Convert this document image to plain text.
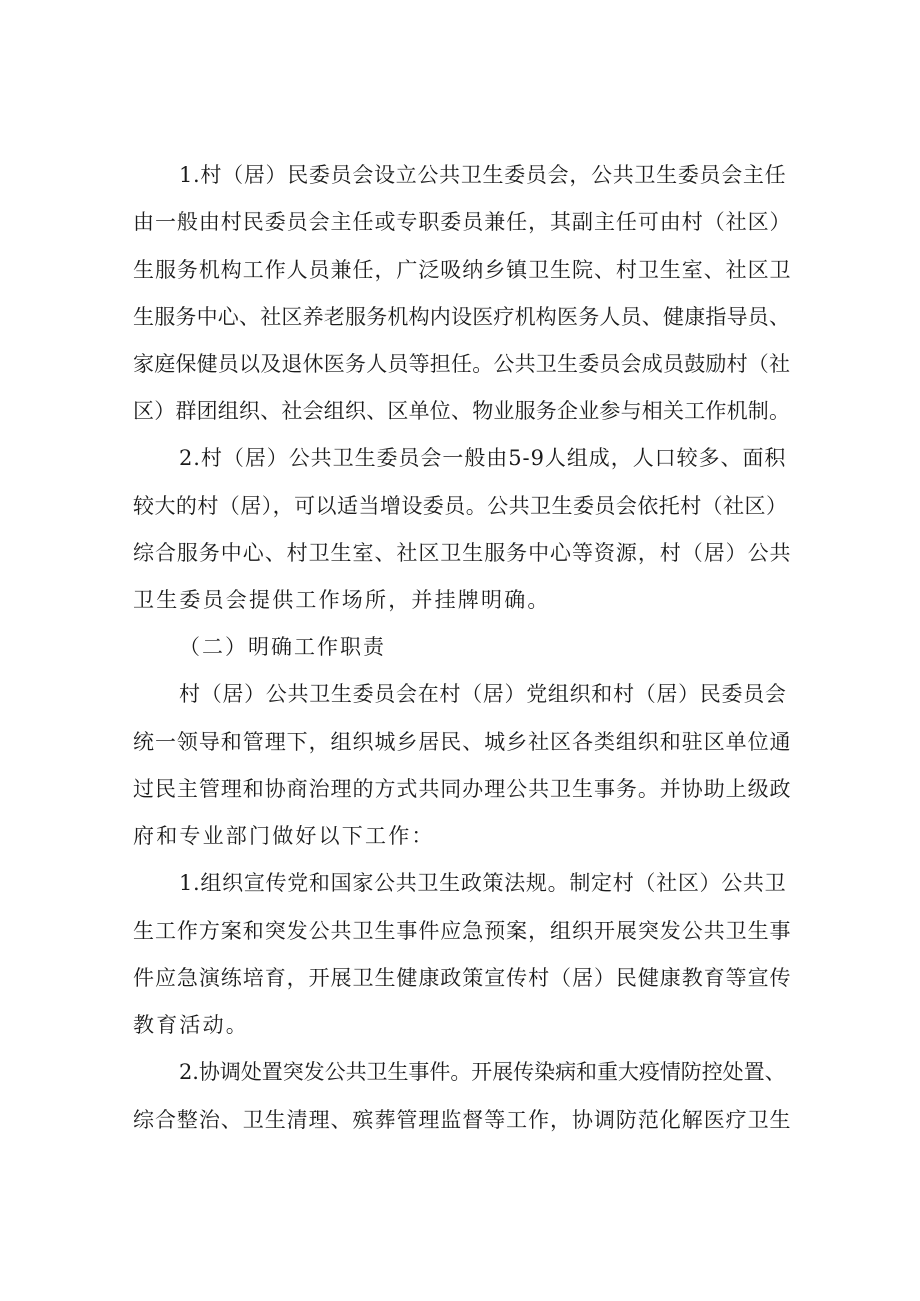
1.村（居）民委员会设立公共卫生委员会，公共卫生委员会主任
由一般由村民委员会主任或专职委员兼任，其副主任可由村（社区）
生服务机构工作人员兼任，广泛吸纳乡镇卫生院、村卫生室、社区卫
生服务中心、社区养老服务机构内设医疗机构医务人员、健康指导员、
家庭保健员以及退休医务人员等担任。公共卫生委员会成员鼓励村（社
区）群团组织、社会组织、区单位、物业服务企业参与相关工作机制。
2.村（居）公共卫生委员会一般由5-9人组成，人口较多、面积
较大的村（居），可以适当增设委员。公共卫生委员会依托村（社区）
综合服务中心、村卫生室、社区卫生服务中心等资源，村（居）公共
卫生委员会提供工作场所，并挂牌明确。
（二）明确工作职责
村（居）公共卫生委员会在村（居）党组织和村（居）民委员会
统一领导和管理下，组织城乡居民、城乡社区各类组织和驻区单位通
过民主管理和协商治理的方式共同办理公共卫生事务。并协助上级政
府和专业部门做好以下工作：
1.组织宣传党和国家公共卫生政策法规。制定村（社区）公共卫
生工作方案和突发公共卫生事件应急预案，组织开展突发公共卫生事
件应急演练培育，开展卫生健康政策宣传村（居）民健康教育等宣传
教育活动。
2.协调处置突发公共卫生事件。开展传染病和重大疫情防控处置、
综合整治、卫生清理、殡葬管理监督等工作，协调防范化解医疗卫生
